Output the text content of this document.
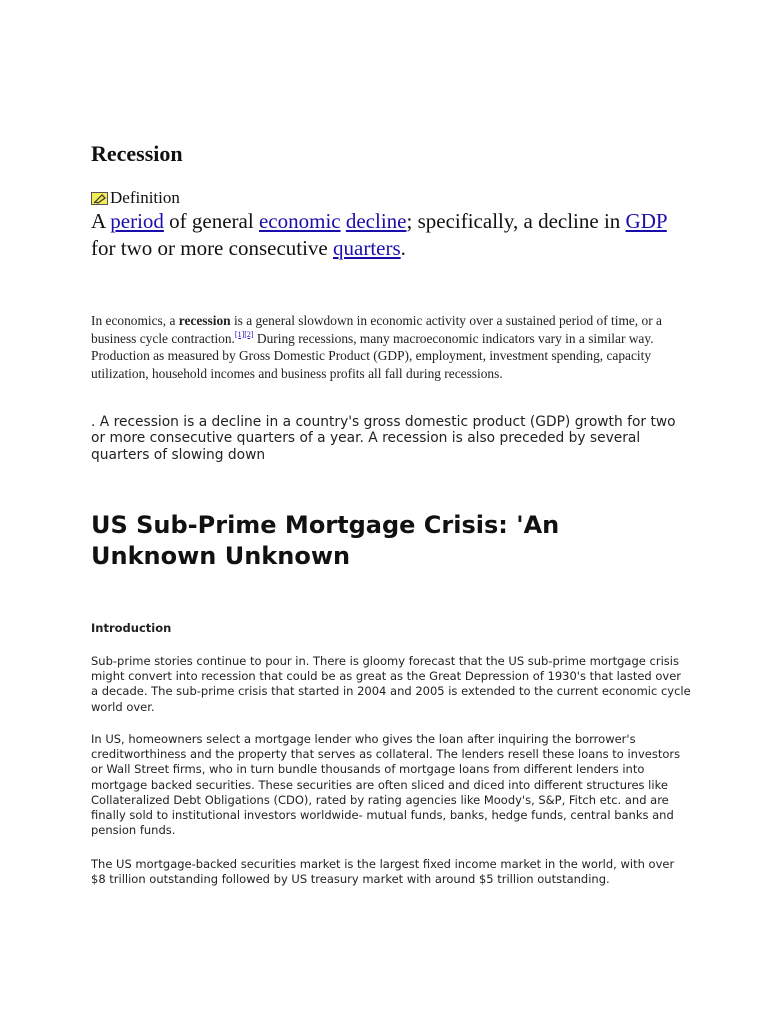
Recession
Definition

A period of general economic decline; specifically, a decline in GDP for two or more consecutive quarters.

In economics, a recession is a general slowdown in economic activity over a sustained period of time, or a business cycle contraction.[1][2] During recessions, many macroeconomic indicators vary in a similar way. Production as measured by Gross Domestic Product (GDP), employment, investment spending, capacity utilization, household incomes and business profits all fall during recessions.

. A recession is a decline in a country's gross domestic product (GDP) growth for two or more consecutive quarters of a year. A recession is also preceded by several quarters of slowing down

US Sub-Prime Mortgage Crisis: 'An Unknown Unknown
Introduction

Sub-prime stories continue to pour in. There is gloomy forecast that the US sub-prime mortgage crisis might convert into recession that could be as great as the Great Depression of 1930's that lasted over a decade. The sub-prime crisis that started in 2004 and 2005 is extended to the current economic cycle world over.

In US, homeowners select a mortgage lender who gives the loan after inquiring the borrower's creditworthiness and the property that serves as collateral. The lenders resell these loans to investors or Wall Street firms, who in turn bundle thousands of mortgage loans from different lenders into mortgage backed securities. These securities are often sliced and diced into different structures like Collateralized Debt Obligations (CDO), rated by rating agencies like Moody's, S&P, Fitch etc. and are finally sold to institutional investors worldwide- mutual funds, banks, hedge funds, central banks and pension funds.

The US mortgage-backed securities market is the largest fixed income market in the world, with over $8 trillion outstanding followed by US treasury market with around $5 trillion outstanding.
